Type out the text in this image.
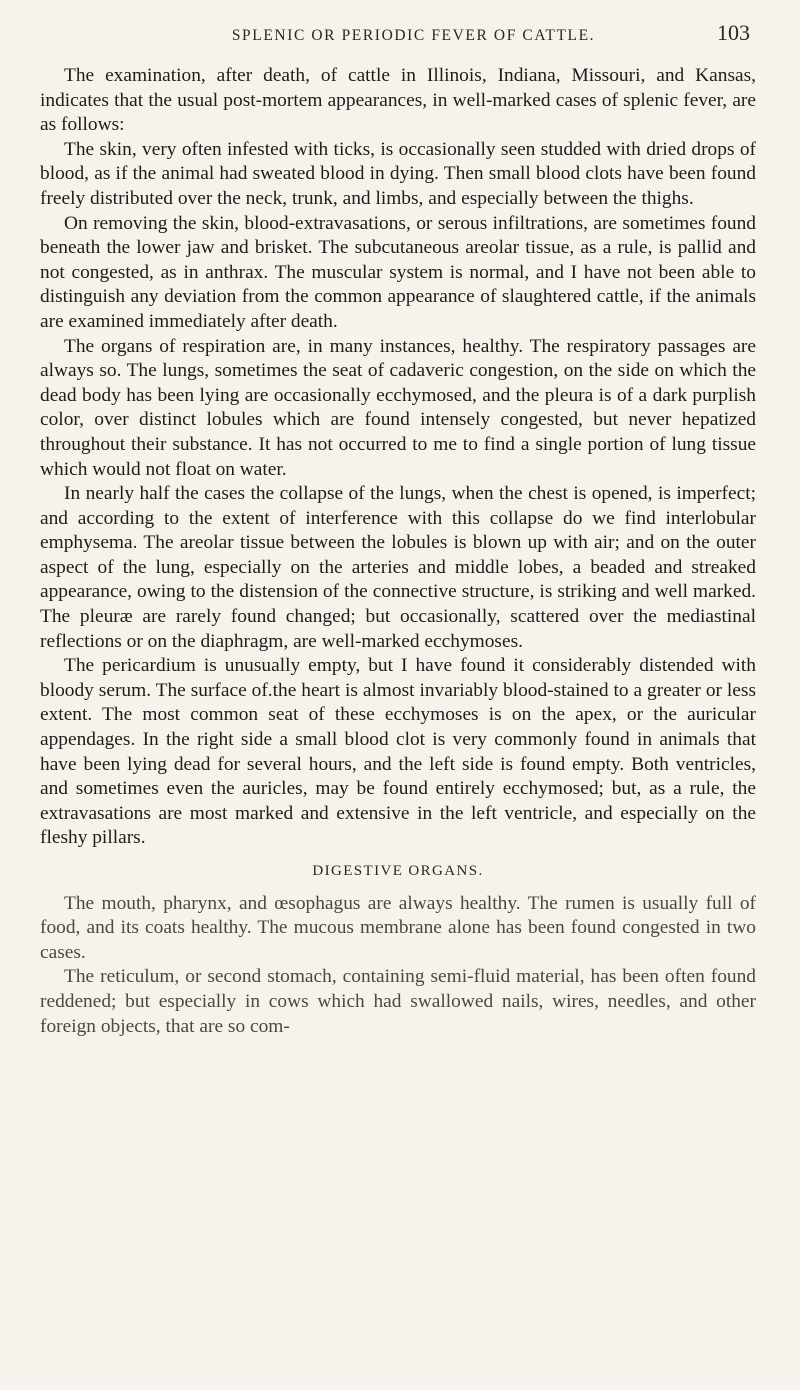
SPLENIC OR PERIODIC FEVER OF CATTLE.	103

The examination, after death, of cattle in Illinois, Indiana, Missouri, and Kansas, indicates that the usual post-mortem appearances, in well-marked cases of splenic fever, are as follows:

The skin, very often infested with ticks, is occasionally seen studded with dried drops of blood, as if the animal had sweated blood in dying. Then small blood clots have been found freely distributed over the neck, trunk, and limbs, and especially between the thighs.

On removing the skin, blood-extravasations, or serous infiltrations, are sometimes found beneath the lower jaw and brisket. The subcutaneous areolar tissue, as a rule, is pallid and not congested, as in anthrax. The muscular system is normal, and I have not been able to distinguish any deviation from the common appearance of slaughtered cattle, if the animals are examined immediately after death.

The organs of respiration are, in many instances, healthy. The respiratory passages are always so. The lungs, sometimes the seat of cadaveric congestion, on the side on which the dead body has been lying are occasionally ecchymosed, and the pleura is of a dark purplish color, over distinct lobules which are found intensely congested, but never hepatized throughout their substance. It has not occurred to me to find a single portion of lung tissue which would not float on water.

In nearly half the cases the collapse of the lungs, when the chest is opened, is imperfect; and according to the extent of interference with this collapse do we find interlobular emphysema. The areolar tissue between the lobules is blown up with air; and on the outer aspect of the lung, especially on the arteries and middle lobes, a beaded and streaked appearance, owing to the distension of the connective structure, is striking and well marked. The pleuræ are rarely found changed; but occasionally, scattered over the mediastinal reflections or on the diaphragm, are well-marked ecchymoses.

The pericardium is unusually empty, but I have found it considerably distended with bloody serum. The surface of.the heart is almost invariably blood-stained to a greater or less extent. The most common seat of these ecchymoses is on the apex, or the auricular appendages. In the right side a small blood clot is very commonly found in animals that have been lying dead for several hours, and the left side is found empty. Both ventricles, and sometimes even the auricles, may be found entirely ecchymosed; but, as a rule, the extravasations are most marked and extensive in the left ventricle, and especially on the fleshy pillars.

DIGESTIVE ORGANS.

The mouth, pharynx, and œsophagus are always healthy. The rumen is usually full of food, and its coats healthy. The mucous membrane alone has been found congested in two cases.

The reticulum, or second stomach, containing semi-fluid material, has been often found reddened; but especially in cows which had swallowed nails, wires, needles, and other foreign objects, that are so com-
